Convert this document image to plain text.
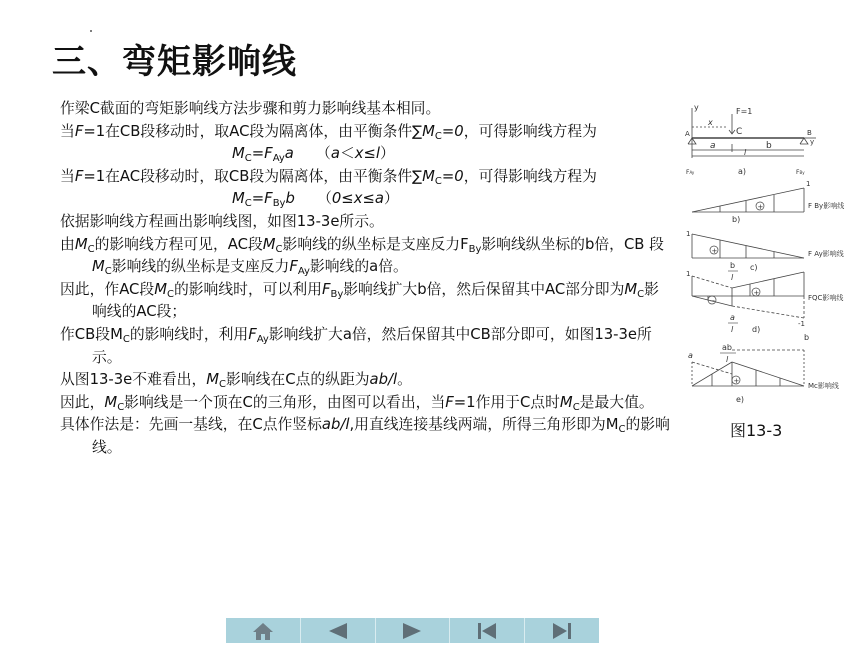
三、弯矩影响线

作梁C截面的弯矩影响线方法步骤和剪力影响线基本相同。

当F=1在CB段移动时，取AC段为隔离体，由平衡条件$\sum M_C=0$，可得影响线方程为

$M_C=F_{Ay}a$　　（a＜x≤l）

当F=1在AC段移动时，取CB段为隔离体，由平衡条件$\sum M_C=0$，可得影响线方程为

$M_C=F_{By}b$　　（0≤x≤a）

依据影响线方程画出影响线图，如图13-3e所示。

由$M_C$的影响线方程可见，AC段$M_C$影响线的纵坐标是支座反力$F_{By}$影响线纵坐标的b倍，CB 段$M_C$影响线的纵坐标是支座反力$F_{Ay}$影响线的a倍。

因此，作AC段$M_C$的影响线时，可以利用$F_{By}$影响线扩大b倍，然后保留其中AC部分即为$M_C$影响线的AC段；

作CB段$M_C$的影响线时，利用$F_{Ay}$影响线扩大a倍，然后保留其中CB部分即可，如图13-3e所示。

从图13-3e不难看出，$M_C$影响线在C点的纵距为ab/l。

因此，$M_C$影响线是一个顶在C的三角形，由图可以看出，当F=1作用于C点时$M_C$是最大值。

具体作法是：先画一基线，在C点作竖标ab/l,用直线连接基线两端，所得三角形即为$M_C$的影响线。

y	F=1
x
C
A	B
y
a	b
l
FAy	FBy
a)
+
1
F By影响线
b)
+
1
F Ay影响线
c)
b
l
+
−
1
-1
FQC影响线
a
l d)
b
+
a
ab
l
Mc影响线
e)
图13-3
